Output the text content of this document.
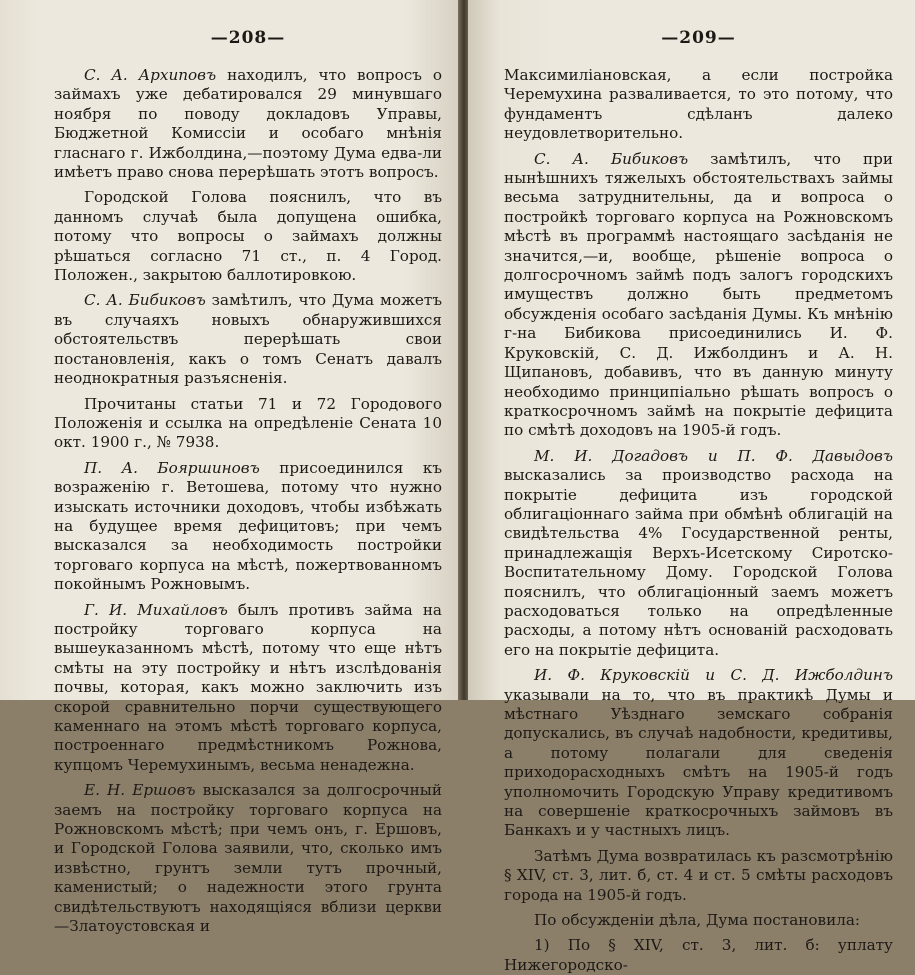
—208—

С. А. Архиповъ находилъ, что вопросъ о займахъ уже дебатировался 29 минувшаго ноября по поводу докладовъ Управы, Бюджетной Комиссіи и особаго мнѣнія гласнаго г. Ижболдина,—поэтому Дума едва-ли имѣетъ право снова перерѣшать этотъ вопросъ.

Городской Голова пояснилъ, что въ данномъ случаѣ была допущена ошибка, потому что вопросы о займахъ должны рѣшаться согласно 71 ст., п. 4 Город. Положен., закрытою баллотировкою.

С. А. Бибиковъ замѣтилъ, что Дума можетъ въ случаяхъ новыхъ обнаружившихся обстоятельствъ перерѣшать свои постановленія, какъ о томъ Сенатъ давалъ неоднократныя разъясненія.

Прочитаны статьи 71 и 72 Городового Положенія и ссылка на опредѣленіе Сената 10 окт. 1900 г., № 7938.

П. А. Бояршиновъ присоединился къ возраженію г. Ветошева, потому что нужно изыскать источники доходовъ, чтобы избѣжать на будущее время дефицитовъ; при чемъ высказался за необходимость постройки торговаго корпуса на мѣстѣ, пожертвованномъ покойнымъ Рожновымъ.

Г. И. Михайловъ былъ противъ займа на постройку торговаго корпуса на вышеуказанномъ мѣстѣ, потому что еще нѣтъ смѣты на эту постройку и нѣтъ изслѣдованія почвы, которая, какъ можно заключить изъ скорой сравнительно порчи существующего каменнаго на этомъ мѣстѣ торговаго корпуса, построеннаго предмѣстникомъ Рожнова, купцомъ Черемухинымъ, весьма ненадежна.

Е. Н. Ершовъ высказался за долгосрочный заемъ на постройку торговаго корпуса на Рожновскомъ мѣстѣ; при чемъ онъ, г. Ершовъ, и Городской Голова заявили, что, сколько имъ извѣстно, грунтъ земли тутъ прочный, каменистый; о надежности этого грунта свидѣтельствуютъ находящіяся вблизи церкви—Златоустовская и

—209—

Максимиліановская, а если постройка Черемухина разваливается, то это потому, что фундаментъ сдѣланъ далеко неудовлетворительно.

С. А. Бибиковъ замѣтилъ, что при нынѣшнихъ тяжелыхъ обстоятельствахъ займы весьма затруднительны, да и вопроса о постройкѣ торговаго корпуса на Рожновскомъ мѣстѣ въ программѣ настоящаго засѣданія не значится,—и, вообще, рѣшеніе вопроса о долгосрочномъ займѣ подъ залогъ городскихъ имуществъ должно быть предметомъ обсужденія особаго засѣданія Думы. Къ мнѣнію г-на Бибикова присоединились И. Ф. Круковскій, С. Д. Ижболдинъ и А. Н. Щипановъ, добавивъ, что въ данную минуту необходимо принципіально рѣшать вопросъ о краткосрочномъ займѣ на покрытіе дефицита по смѣтѣ доходовъ на 1905-й годъ.

М. И. Догадовъ и П. Ф. Давыдовъ высказались за производство расхода на покрытіе дефицита изъ городской облигаціоннаго займа при обмѣнѣ облигацій на свидѣтельства 4% Государственной ренты, принадлежащія Верхъ-Исетскому Сиротско-Воспитательному Дому. Городской Голова пояснилъ, что облигаціонный заемъ можетъ расходоваться только на опредѣленные расходы, а потому нѣтъ основаній расходовать его на покрытіе дефицита.

И. Ф. Круковскій и С. Д. Ижболдинъ указывали на то, что въ практикѣ Думы и мѣстнаго Уѣзднаго земскаго собранія допускались, въ случаѣ надобности, кредитивы, а потому полагали для сведенія приходорасходныхъ смѣтъ на 1905-й годъ уполномочить Городскую Управу кредитивомъ на совершеніе краткосрочныхъ займовъ въ Банкахъ и у частныхъ лицъ.

Затѣмъ Дума возвратилась къ разсмотрѣнію § XIV, ст. 3, лит. б, ст. 4 и ст. 5 смѣты расходовъ города на 1905-й годъ.

По обсужденіи дѣла, Дума постановила:

1) По § XIV, ст. 3, лит. б: уплату Нижегородско-
